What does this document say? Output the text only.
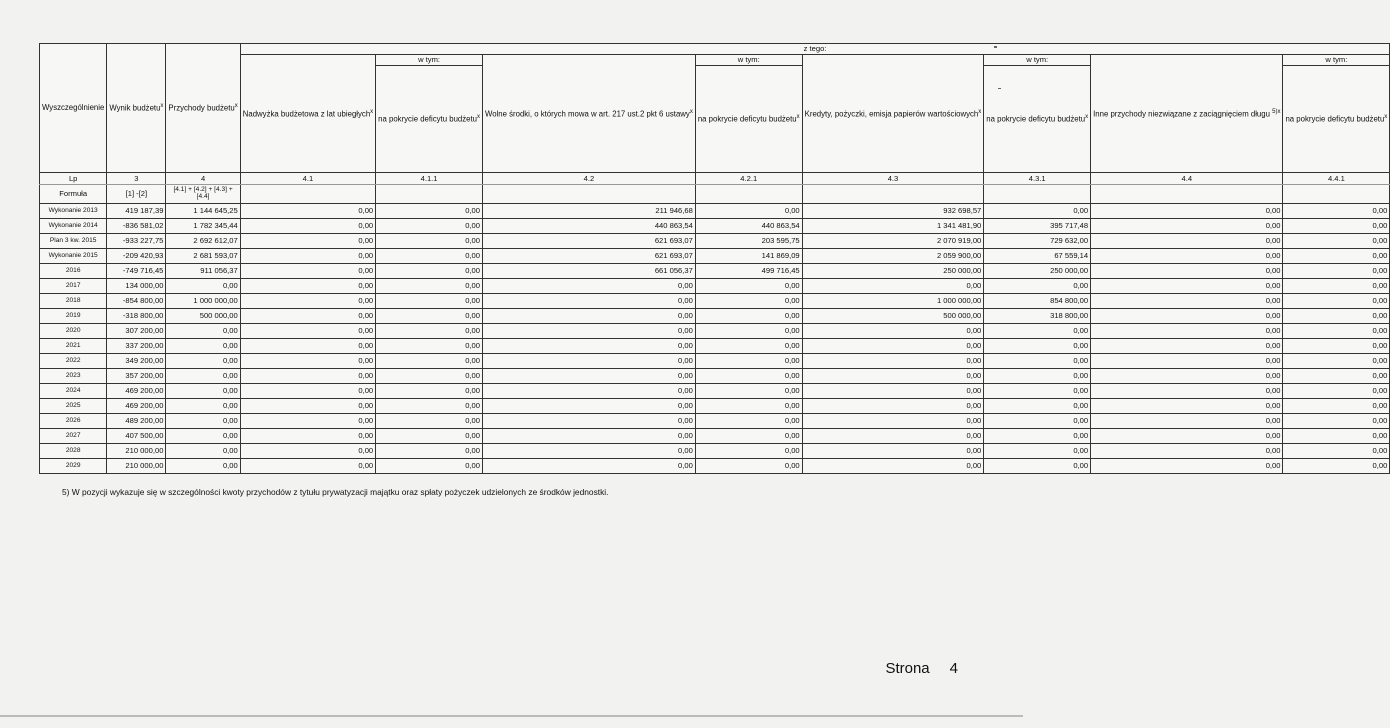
Wyszczególnienie	Wynik budżetu$^x$	Przychody budżetu$^x$	z tego:							
			Nadwyżka budżetowa z lat ubiegłych$^x$	w tym:	Wolne środki, o których mowa w art. 217 ust.2 pkt 6 ustawy$^x$	w tym:	Kredyty, pożyczki, emisja papierów wartościowych$^x$	w tym:	Inne przychody niezwiązane z zaciągnięciem długu $^{5)x}$	w tym:
				na pokrycie deficytu budżetu$^x$		na pokrycie deficytu budżetu$^x$		na pokrycie deficytu budżetu$^x$		na pokrycie deficytu budżetu$^x$
Lp	3	4	4.1	4.1.1	4.2	4.2.1	4.3	4.3.1	4.4	4.4.1
Formuła	[1] -[2]	[4.1] + [4.2] + [4.3] + [4.4]								
Wykonanie 2013	419 187,39	1 144 645,25	0,00	0,00	211 946,68	0,00	932 698,57	0,00	0,00	0,00
Wykonanie 2014	-836 581,02	1 782 345,44	0,00	0,00	440 863,54	440 863,54	1 341 481,90	395 717,48	0,00	0,00
Plan 3 kw. 2015	-933 227,75	2 692 612,07	0,00	0,00	621 693,07	203 595,75	2 070 919,00	729 632,00	0,00	0,00
Wykonanie 2015	-209 420,93	2 681 593,07	0,00	0,00	621 693,07	141 869,09	2 059 900,00	67 559,14	0,00	0,00
2016	-749 716,45	911 056,37	0,00	0,00	661 056,37	499 716,45	250 000,00	250 000,00	0,00	0,00
2017	134 000,00	0,00	0,00	0,00	0,00	0,00	0,00	0,00	0,00	0,00
2018	-854 800,00	1 000 000,00	0,00	0,00	0,00	0,00	1 000 000,00	854 800,00	0,00	0,00
2019	-318 800,00	500 000,00	0,00	0,00	0,00	0,00	500 000,00	318 800,00	0,00	0,00
2020	307 200,00	0,00	0,00	0,00	0,00	0,00	0,00	0,00	0,00	0,00
2021	337 200,00	0,00	0,00	0,00	0,00	0,00	0,00	0,00	0,00	0,00
2022	349 200,00	0,00	0,00	0,00	0,00	0,00	0,00	0,00	0,00	0,00
2023	357 200,00	0,00	0,00	0,00	0,00	0,00	0,00	0,00	0,00	0,00
2024	469 200,00	0,00	0,00	0,00	0,00	0,00	0,00	0,00	0,00	0,00
2025	469 200,00	0,00	0,00	0,00	0,00	0,00	0,00	0,00	0,00	0,00
2026	489 200,00	0,00	0,00	0,00	0,00	0,00	0,00	0,00	0,00	0,00
2027	407 500,00	0,00	0,00	0,00	0,00	0,00	0,00	0,00	0,00	0,00
2028	210 000,00	0,00	0,00	0,00	0,00	0,00	0,00	0,00	0,00	0,00
2029	210 000,00	0,00	0,00	0,00	0,00	0,00	0,00	0,00	0,00	0,00
5) W pozycji wykazuje się w szczególności kwoty przychodów z tytułu prywatyzacji majątku oraz spłaty pożyczek udzielonych ze środków jednostki.
Strona 4
